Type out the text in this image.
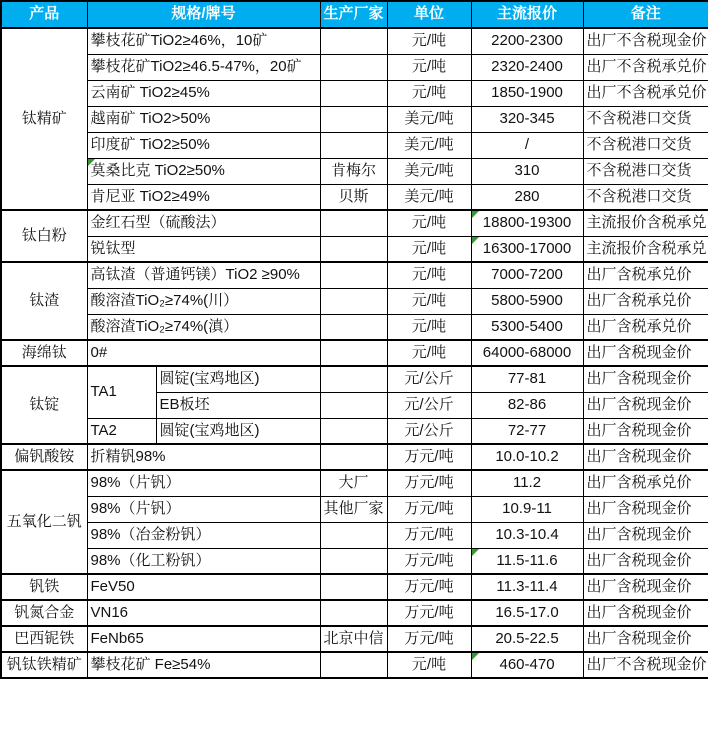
产品	规格/牌号		生产厂家	单位	主流报价	备注
钛精矿	攀枝花矿TiO2≥46%，10矿			元/吨	2200-2300	出厂不含税现金价
	攀枝花矿TiO2≥46.5-47%，20矿			元/吨	2320-2400	出厂不含税承兑价
	云南矿 TiO2≥45%			元/吨	1850-1900	出厂不含税承兑价
	越南矿 TiO2>50%			美元/吨	320-345	不含税港口交货
	印度矿 TiO2≥50%			美元/吨	/	不含税港口交货
	莫桑比克 TiO2≥50%		肯梅尔	美元/吨	310	不含税港口交货
	肯尼亚 TiO2≥49%		贝斯	美元/吨	280	不含税港口交货
钛白粉	金红石型（硫酸法）			元/吨	18800-19300	主流报价含税承兑
	锐钛型			元/吨	16300-17000	主流报价含税承兑
钛渣	高钛渣（普通钙镁）TiO2 ≥90%			元/吨	7000-7200	出厂含税承兑价
	酸溶渣TiO₂≥74%(川）			元/吨	5800-5900	出厂含税承兑价
	酸溶渣TiO₂≥74%(滇）			元/吨	5300-5400	出厂含税承兑价
海绵钛	0#			元/吨	64000-68000	出厂含税现金价
钛锭	TA1	圆锭(宝鸡地区)		元/公斤	77-81	出厂含税现金价
		EB板坯		元/公斤	82-86	出厂含税现金价
	TA2	圆锭(宝鸡地区)		元/公斤	72-77	出厂含税现金价
偏钒酸铵	折精钒98%			万元/吨	10.0-10.2	出厂含税现金价
五氧化二钒	98%（片钒）		大厂	万元/吨	11.2	出厂含税承兑价
	98%（片钒）		其他厂家	万元/吨	10.9-11	出厂含税现金价
	98%（冶金粉钒）			万元/吨	10.3-10.4	出厂含税现金价
	98%（化工粉钒）			万元/吨	11.5-11.6	出厂含税现金价
钒铁	FeV50			万元/吨	11.3-11.4	出厂含税现金价
钒氮合金	VN16			万元/吨	16.5-17.0	出厂含税现金价
巴西铌铁	FeNb65		北京中信	万元/吨	20.5-22.5	出厂含税现金价
钒钛铁精矿	攀枝花矿 Fe≥54%			元/吨	460-470	出厂不含税现金价
